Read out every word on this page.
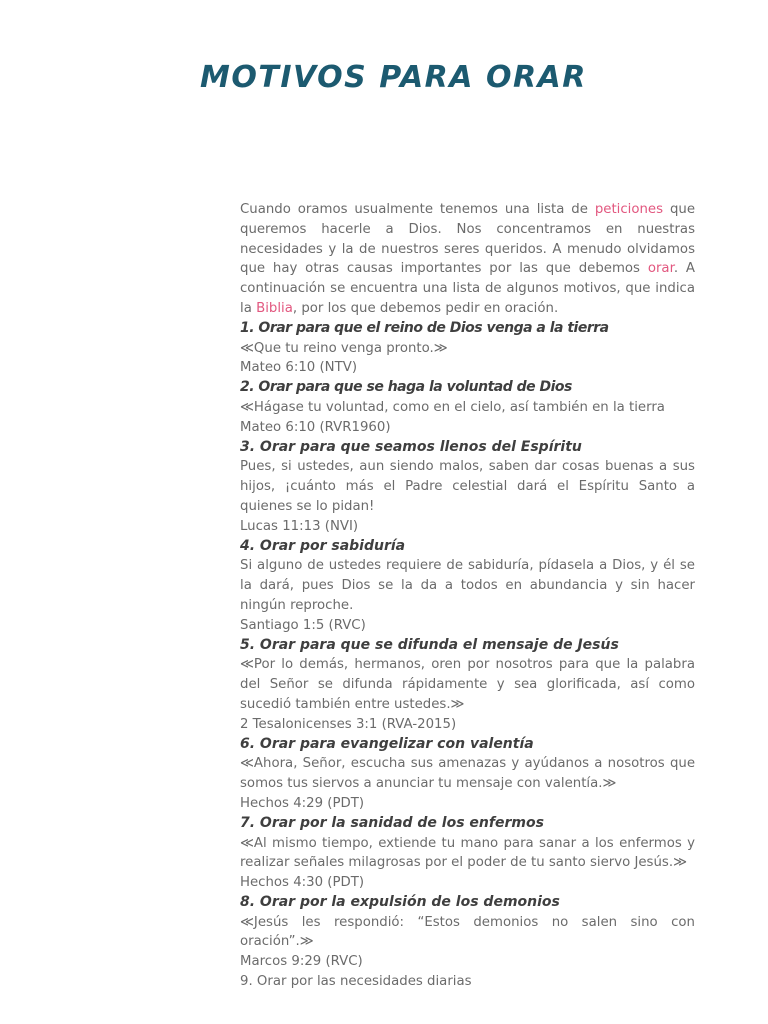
MOTIVOS PARA ORAR

Cuando oramos usualmente tenemos una lista de peticiones que queremos hacerle a Dios. Nos concentramos en nuestras necesidades y la de nuestros seres queridos. A menudo olvidamos que hay otras causas importantes por las que debemos orar. A continuación se encuentra una lista de algunos motivos, que indica la Biblia, por los que debemos pedir en oración.

1. Orar para que el reino de Dios venga a la tierra

≪Que tu reino venga pronto.≫

Mateo 6:10 (NTV)

2. Orar para que se haga la voluntad de Dios

≪Hágase tu voluntad, como en el cielo, así también en la tierra

Mateo 6:10 (RVR1960)

3. Orar para que seamos llenos del Espíritu

Pues, si ustedes, aun siendo malos, saben dar cosas buenas a sus hijos, ¡cuánto más el Padre celestial dará el Espíritu Santo a quienes se lo pidan!

Lucas 11:13 (NVI)

4. Orar por sabiduría

Si alguno de ustedes requiere de sabiduría, pídasela a Dios, y él se la dará, pues Dios se la da a todos en abundancia y sin hacer ningún reproche.

Santiago 1:5 (RVC)

5. Orar para que se difunda el mensaje de Jesús

≪Por lo demás, hermanos, oren por nosotros para que la palabra del Señor se difunda rápidamente y sea glorificada, así como sucedió también entre ustedes.≫

2 Tesalonicenses 3:1 (RVA-2015)

6. Orar para evangelizar con valentía

≪Ahora, Señor, escucha sus amenazas y ayúdanos a nosotros que somos tus siervos a anunciar tu mensaje con valentía.≫

Hechos 4:29 (PDT)

7. Orar por la sanidad de los enfermos

≪Al mismo tiempo, extiende tu mano para sanar a los enfermos y realizar señales milagrosas por el poder de tu santo siervo Jesús.≫

Hechos 4:30 (PDT)

8. Orar por la expulsión de los demonios

≪Jesús les respondió: “Estos demonios no salen sino con oración”.≫

Marcos 9:29 (RVC)

9. Orar por las necesidades diarias
